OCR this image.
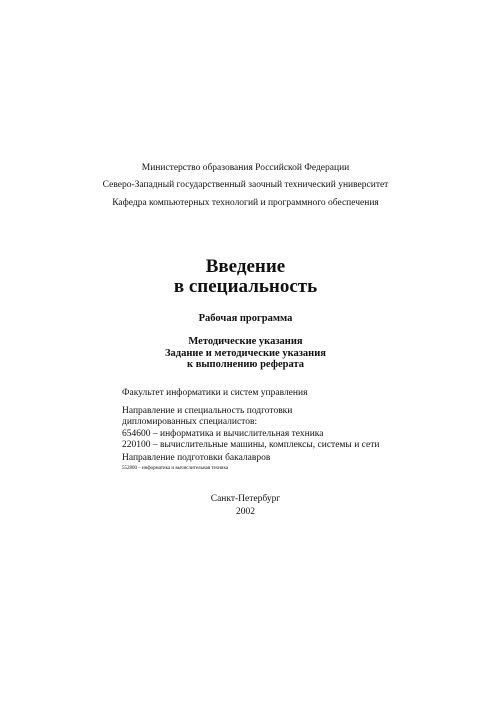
Министерство образования Российской Федерации
Северо-Западный государственный заочный технический университет
Кафедра компьютерных технологий и программного обеспечения
Введение
в специальность
Рабочая программа
Методические указания
Задание и методические указания
к выполнению реферата
Факультет информатики и систем управления
Направление и специальность подготовки
дипломированных специалистов:
654600 – информатика и вычислительная техника
220100 – вычислительные машины, комплексы, системы и сети
Направление подготовки бакалавров
552800 – информатика и вычислительная техника
Санкт-Петербург
2002
